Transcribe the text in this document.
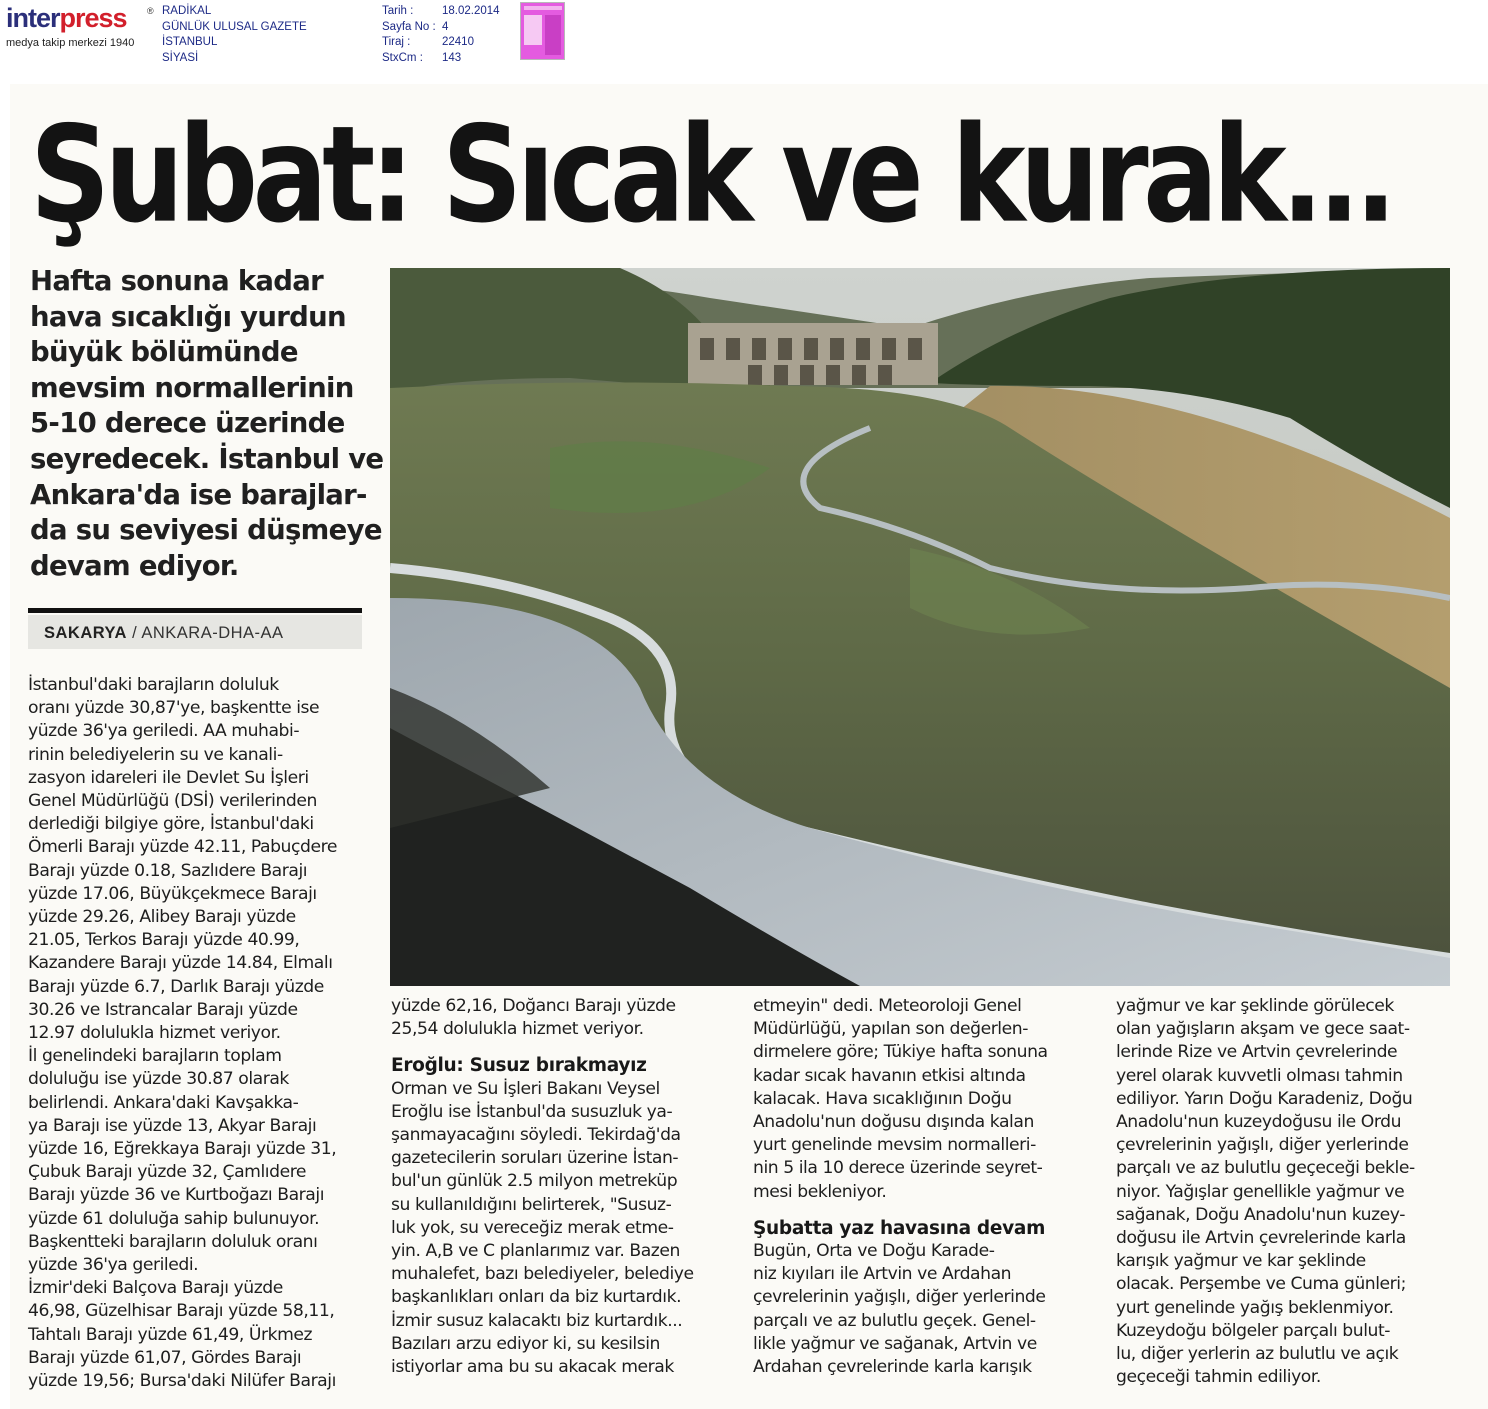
interpress	®
medya takip merkezi 1940
RADİKAL
GÜNLÜK ULUSAL GAZETE
İSTANBUL
SİYASİ
Tarih :
Sayfa No :
Tiraj :
StxCm :
18.02.2014
4
22410
143
Şubat: Sıcak ve kurak...

Hafta sonuna kadar
hava sıcaklığı yurdun
büyük bölümünde
mevsim normallerinin
5-10 derece üzerinde
seyredecek. İstanbul ve
Ankara'da ise barajlar-
da su seviyesi düşmeye
devam ediyor.

SAKARYA / ANKARA-DHA-AA

İstanbul'daki barajların doluluk
oranı yüzde 30,87'ye, başkentte ise
yüzde 36'ya geriledi. AA muhabi-
rinin belediyelerin su ve kanali-
zasyon idareleri ile Devlet Su İşleri
Genel Müdürlüğü (DSİ) verilerinden
derlediği bilgiye göre, İstanbul'daki
Ömerli Barajı yüzde 42.11, Pabuçdere
Barajı yüzde 0.18, Sazlıdere Barajı
yüzde 17.06, Büyükçekmece Barajı
yüzde 29.26, Alibey Barajı yüzde
21.05, Terkos Barajı yüzde 40.99,
Kazandere Barajı yüzde 14.84, Elmalı
Barajı yüzde 6.7, Darlık Barajı yüzde
30.26 ve Istrancalar Barajı yüzde
12.97 dolulukla hizmet veriyor.
İl genelindeki barajların toplam
doluluğu ise yüzde 30.87 olarak
belirlendi. Ankara'daki Kavşakka-
ya Barajı ise yüzde 13, Akyar Barajı
yüzde 16, Eğrekkaya Barajı yüzde 31,
Çubuk Barajı yüzde 32, Çamlıdere
Barajı yüzde 36 ve Kurtboğazı Barajı
yüzde 61 doluluğa sahip bulunuyor.
Başkentteki barajların doluluk oranı
yüzde 36'ya geriledi.
İzmir'deki Balçova Barajı yüzde
46,98, Güzelhisar Barajı yüzde 58,11,
Tahtalı Barajı yüzde 61,49, Ürkmez
Barajı yüzde 61,07, Gördes Barajı
yüzde 19,56; Bursa'daki Nilüfer Barajı

yüzde 62,16, Doğancı Barajı yüzde
25,54 dolulukla hizmet veriyor.
Eroğlu: Susuz bırakmayız
Orman ve Su İşleri Bakanı Veysel
Eroğlu ise İstanbul'da susuzluk ya-
şanmayacağını söyledi. Tekirdağ'da
gazetecilerin soruları üzerine İstan-
bul'un günlük 2.5 milyon metreküp
su kullanıldığını belirterek, "Susuz-
luk yok, su vereceğiz merak etme-
yin. A,B ve C planlarımız var. Bazen
muhalefet, bazı belediyeler, belediye
başkanlıkları onları da biz kurtardık.
İzmir susuz kalacaktı biz kurtardık...
Bazıları arzu ediyor ki, su kesilsin
istiyorlar ama bu su akacak merak

etmeyin" dedi. Meteoroloji Genel
Müdürlüğü, yapılan son değerlen-
dirmelere göre; Tükiye hafta sonuna
kadar sıcak havanın etkisi altında
kalacak. Hava sıcaklığının Doğu
Anadolu'nun doğusu dışında kalan
yurt genelinde mevsim normalleri-
nin 5 ila 10 derece üzerinde seyret-
mesi bekleniyor.
Şubatta yaz havasına devam
Bugün, Orta ve Doğu Karade-
niz kıyıları ile Artvin ve Ardahan
çevrelerinin yağışlı, diğer yerlerinde
parçalı ve az bulutlu geçek. Genel-
likle yağmur ve sağanak, Artvin ve
Ardahan çevrelerinde karla karışık

yağmur ve kar şeklinde görülecek
olan yağışların akşam ve gece saat-
lerinde Rize ve Artvin çevrelerinde
yerel olarak kuvvetli olması tahmin
ediliyor. Yarın Doğu Karadeniz, Doğu
Anadolu'nun kuzeydoğusu ile Ordu
çevrelerinin yağışlı, diğer yerlerinde
parçalı ve az bulutlu geçeceği bekle-
niyor. Yağışlar genellikle yağmur ve
sağanak, Doğu Anadolu'nun kuzey-
doğusu ile Artvin çevrelerinde karla
karışık yağmur ve kar şeklinde
olacak. Perşembe ve Cuma günleri;
yurt genelinde yağış beklenmiyor.
Kuzeydoğu bölgeler parçalı bulut-
lu, diğer yerlerin az bulutlu ve açık
geçeceği tahmin ediliyor.
